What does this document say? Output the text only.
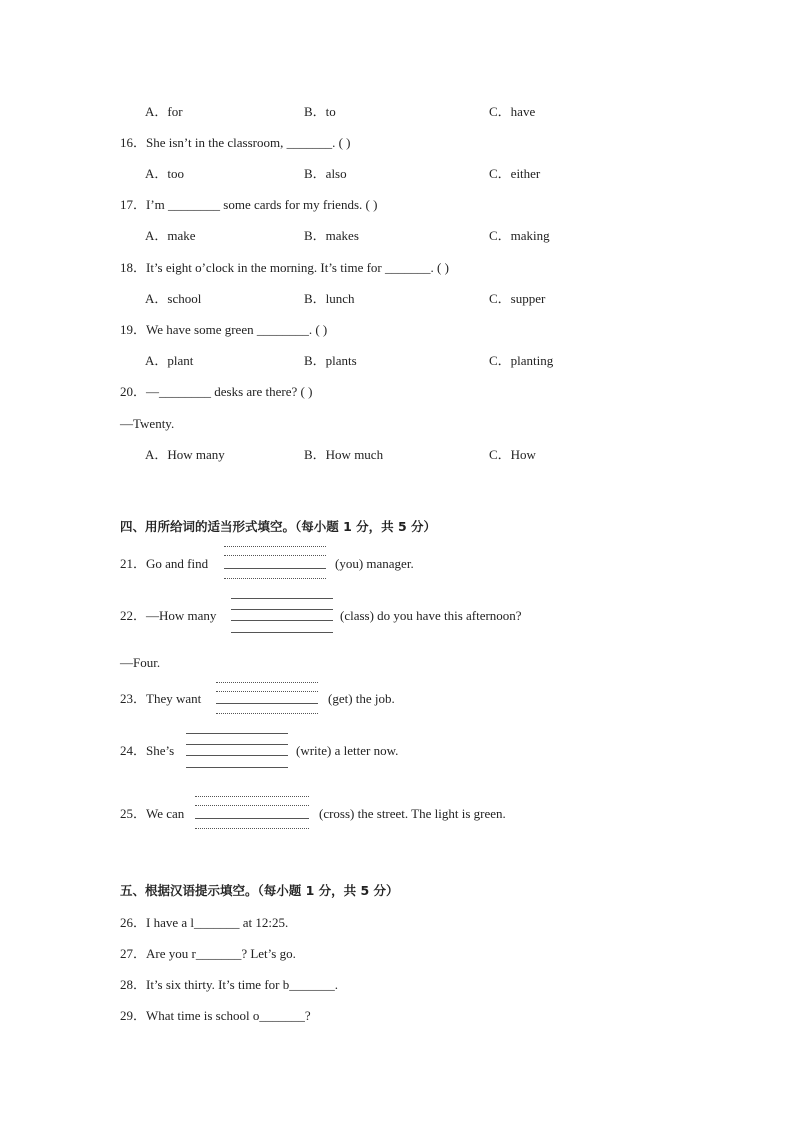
A．for	B．to	C．have
16．She isn’t in the classroom, _______. ( )
A．too	B．also	C．either
17．I’m ________ some cards for my friends. ( )
A．make	B．makes	C．making
18．It’s eight o’clock in the morning. It’s time for _______. ( )
A．school	B．lunch	C．supper
19．We have some green ________. ( )
A．plant	B．plants	C．planting
20．—________ desks are there? ( )
—Twenty.
A．How many	B．How much	C．How
四、用所给词的适当形式填空。（每小题 1 分，共 5 分）
21．Go and find	(you) manager.
22．—How many	(class) do you have this afternoon?
—Four.
23．They want	(get) the job.
24．She’s	(write) a letter now.
25．We can	(cross) the street. The light is green.
五、根据汉语提示填空。（每小题 1 分，共 5 分）
26．I have a l_______ at 12:25.
27．Are you r_______? Let’s go.
28．It’s six thirty. It’s time for b_______.
29．What time is school o_______?
